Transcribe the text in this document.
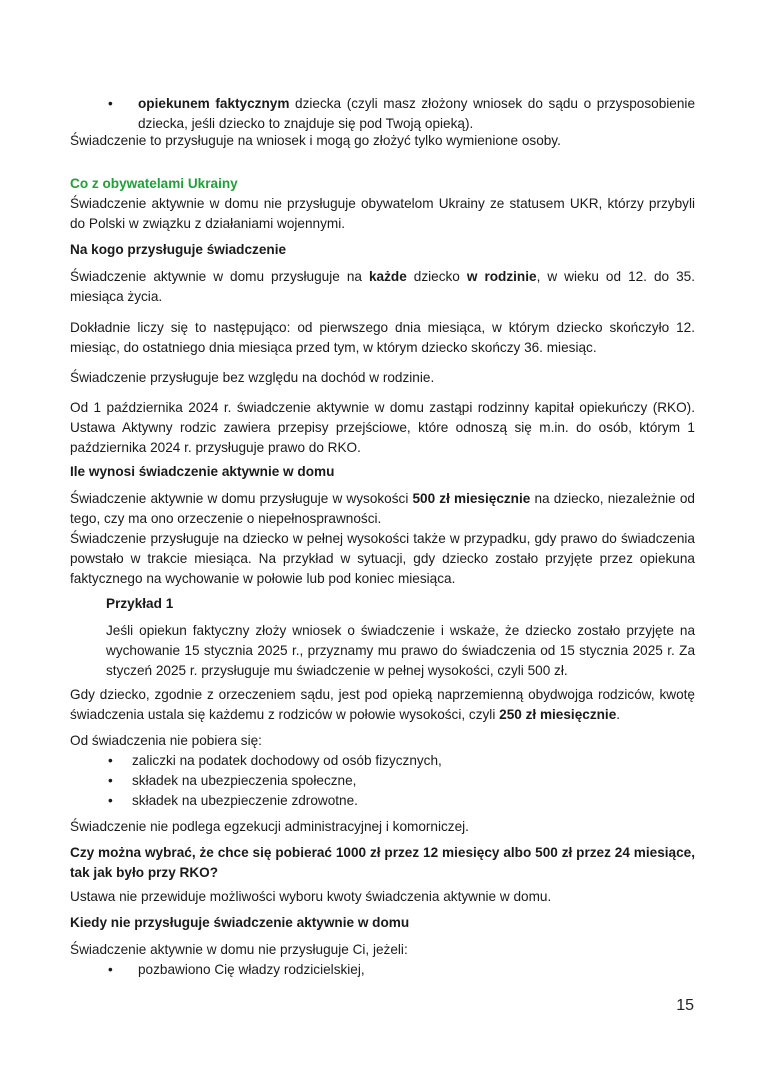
•	opiekunem faktycznym dziecka (czyli masz złożony wniosek do sądu o przysposobienie dziecka, jeśli dziecko to znajduje się pod Twoją opieką).

Świadczenie to przysługuje na wniosek i mogą go złożyć tylko wymienione osoby.

Co z obywatelami Ukrainy

Świadczenie aktywnie w domu nie przysługuje obywatelom Ukrainy ze statusem UKR, którzy przybyli do Polski w związku z działaniami wojennymi.

Na kogo przysługuje świadczenie

Świadczenie aktywnie w domu przysługuje na każde dziecko w rodzinie, w wieku od 12. do 35. miesiąca życia.

Dokładnie liczy się to następująco: od pierwszego dnia miesiąca, w którym dziecko skończyło 12. miesiąc, do ostatniego dnia miesiąca przed tym, w którym dziecko skończy 36. miesiąc.

Świadczenie przysługuje bez względu na dochód w rodzinie.

Od 1 października 2024 r. świadczenie aktywnie w domu zastąpi rodzinny kapitał opiekuńczy (RKO). Ustawa Aktywny rodzic zawiera przepisy przejściowe, które odnoszą się m.in. do osób, którym 1 października 2024 r. przysługuje prawo do RKO.

Ile wynosi świadczenie aktywnie w domu

Świadczenie aktywnie w domu przysługuje w wysokości 500 zł miesięcznie na dziecko, niezależnie od tego, czy ma ono orzeczenie o niepełnosprawności.

Świadczenie przysługuje na dziecko w pełnej wysokości także w przypadku, gdy prawo do świadczenia powstało w trakcie miesiąca. Na przykład w sytuacji, gdy dziecko zostało przyjęte przez opiekuna faktycznego na wychowanie w połowie lub pod koniec miesiąca.

Przykład 1

Jeśli opiekun faktyczny złoży wniosek o świadczenie i wskaże, że dziecko zostało przyjęte na wychowanie 15 stycznia 2025 r., przyznamy mu prawo do świadczenia od 15 stycznia 2025 r. Za styczeń 2025 r. przysługuje mu świadczenie w pełnej wysokości, czyli 500 zł.

Gdy dziecko, zgodnie z orzeczeniem sądu, jest pod opieką naprzemienną obydwojga rodziców, kwotę świadczenia ustala się każdemu z rodziców w połowie wysokości, czyli 250 zł miesięcznie.

Od świadczenia nie pobiera się:

•	zaliczki na podatek dochodowy od osób fizycznych,

•	składek na ubezpieczenia społeczne,

•	składek na ubezpieczenie zdrowotne.

Świadczenie nie podlega egzekucji administracyjnej i komorniczej.

Czy można wybrać, że chce się pobierać 1000 zł przez 12 miesięcy albo 500 zł przez 24 miesiące, tak jak było przy RKO?

Ustawa nie przewiduje możliwości wyboru kwoty świadczenia aktywnie w domu.

Kiedy nie przysługuje świadczenie aktywnie w domu

Świadczenie aktywnie w domu nie przysługuje Ci, jeżeli:

•	pozbawiono Cię władzy rodzicielskiej,

15
